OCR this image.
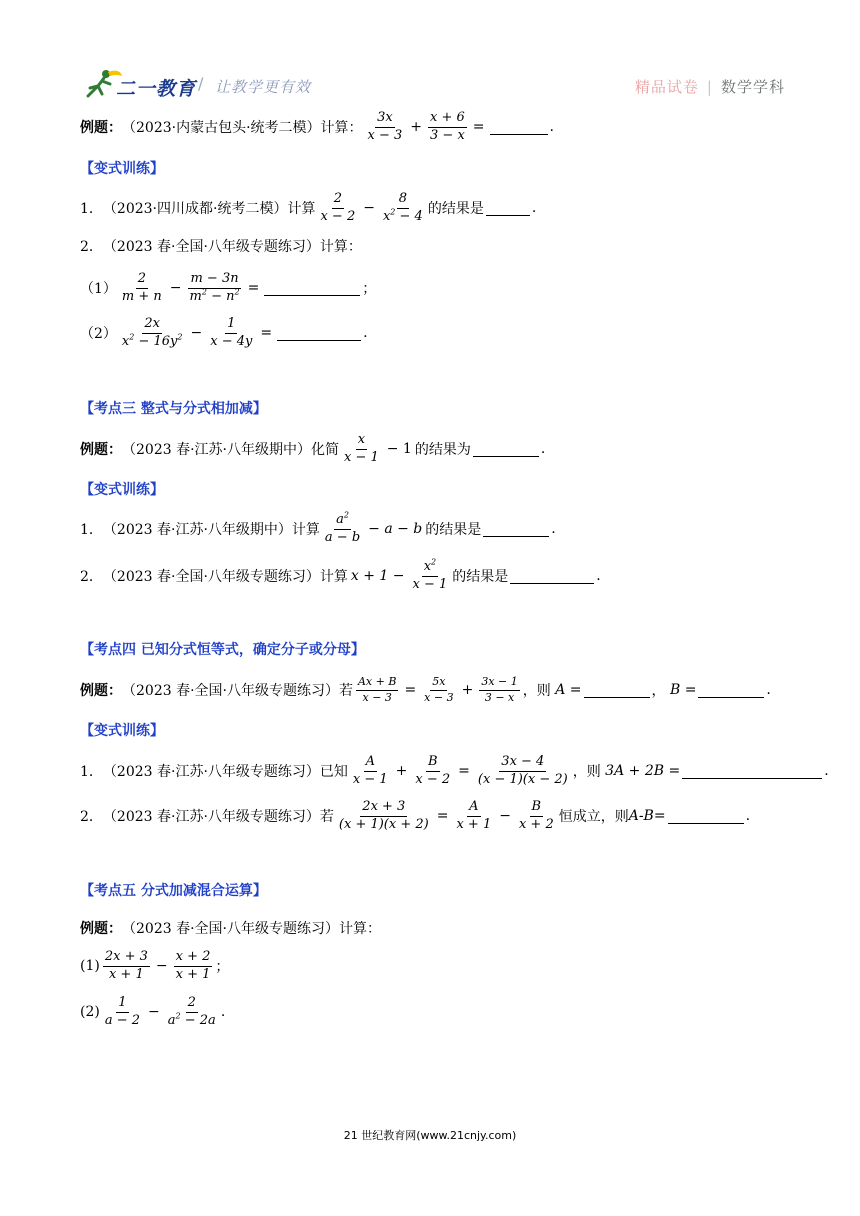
二一教育 / 让教学更有效	精品试卷 | 数学学科
例题： （2023·内蒙古包头·统考二模）计算： $\frac{3x}{x - 3} + \frac{x + 6}{3 - x}$ =	.
【变式训练】
1． （2023·四川成都·统考二模）计算 $\frac{2}{x - 2} - \frac{8}{x^2 - 4}$ 的结果是	.
2． （2023 春·全国·八年级专题练习）计算：
$(1) \frac{2}{m + n} - \frac{m - 3n}{m^2 - n^2}$ =	；
$(2) \frac{2x}{x^2 - 16y^2} - \frac{1}{x - 4y}$ =	.
【考点三 整式与分式相加减】
例题： （2023 春·江苏·八年级期中）化简 $\frac{x}{x - 1} - 1$ 的结果为	.
【变式训练】
1． （2023 春·江苏·八年级期中）计算 $\frac{a^2}{a - b} - a - b$ 的结果是	.
2． （2023 春·全国·八年级专题练习）计算 $x + 1 - \frac{x^2}{x - 1}$ 的结果是	.
【考点四 已知分式恒等式，确定分子或分母】
例题： （2023 春·全国·八年级专题练习）若 $\frac{Ax + B}{x - 3} = \frac{5x}{x - 3} + \frac{3x - 1}{3 - x}$ ，则 A =	， B =	.
【变式训练】
1． （2023 春·江苏·八年级专题练习）已知 $\frac{A}{x - 1} + \frac{B}{x - 2} = \frac{3x - 4}{(x - 1)(x - 2)}$ ，则 3A + 2B =	.
2． （2023 春·江苏·八年级专题练习）若 $\frac{2x + 3}{(x + 1)(x + 2)} = \frac{A}{x + 1} - \frac{B}{x + 2}$ 恒成立，则 A-B=	.
【考点五 分式加减混合运算】
例题： （2023 春·全国·八年级专题练习）计算：
$(1) \frac{2x + 3}{x + 1} - \frac{x + 2}{x + 1}$ ；
$(2) \frac{1}{a - 2} - \frac{2}{a^2 - 2a}$ .
21 世纪教育网(www.21cnjy.com)
